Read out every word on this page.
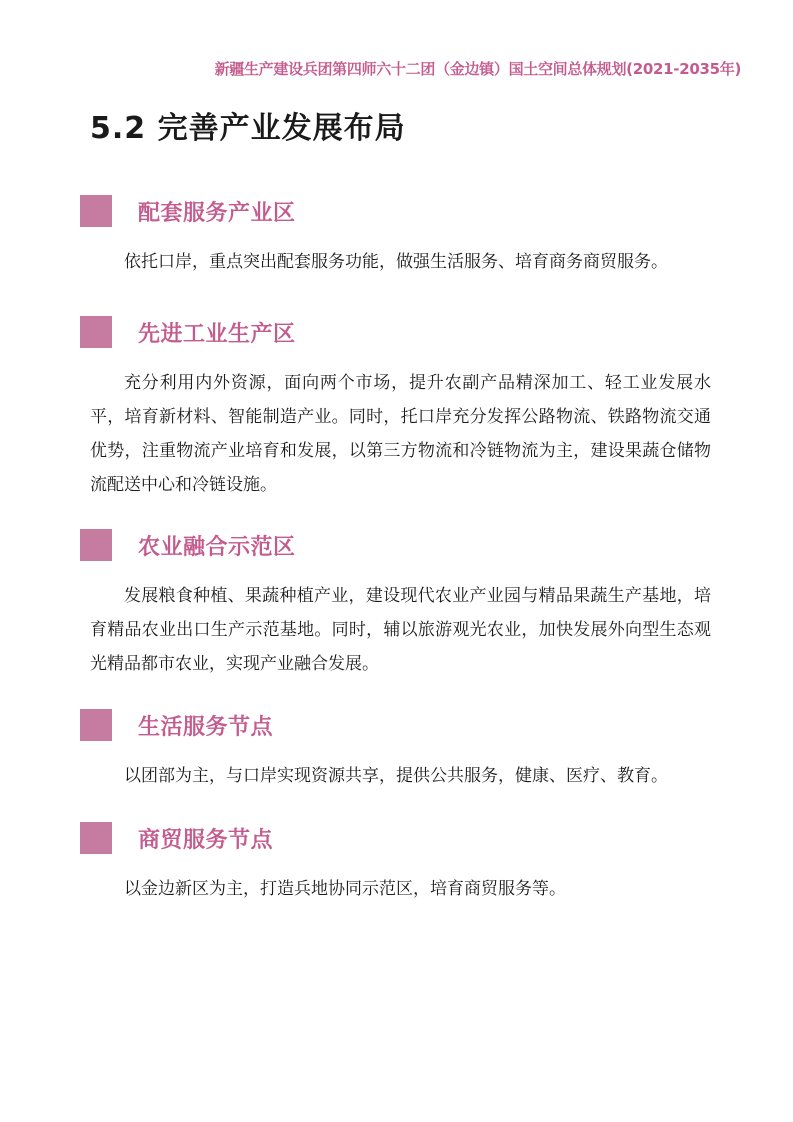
新疆生产建设兵团第四师六十二团（金边镇）国土空间总体规划(2021-2035年)
5.2 完善产业发展布局
配套服务产业区

依托口岸，重点突出配套服务功能，做强生活服务、培育商务商贸服务。

先进工业生产区

充分利用内外资源，面向两个市场，提升农副产品精深加工、轻工业发展水平，培育新材料、智能制造产业。同时，托口岸充分发挥公路物流、铁路物流交通优势，注重物流产业培育和发展，以第三方物流和冷链物流为主，建设果蔬仓储物流配送中心和冷链设施。

农业融合示范区

发展粮食种植、果蔬种植产业，建设现代农业产业园与精品果蔬生产基地，培育精品农业出口生产示范基地。同时，辅以旅游观光农业，加快发展外向型生态观光精品都市农业，实现产业融合发展。

生活服务节点

以团部为主，与口岸实现资源共享，提供公共服务，健康、医疗、教育。

商贸服务节点

以金边新区为主，打造兵地协同示范区，培育商贸服务等。
